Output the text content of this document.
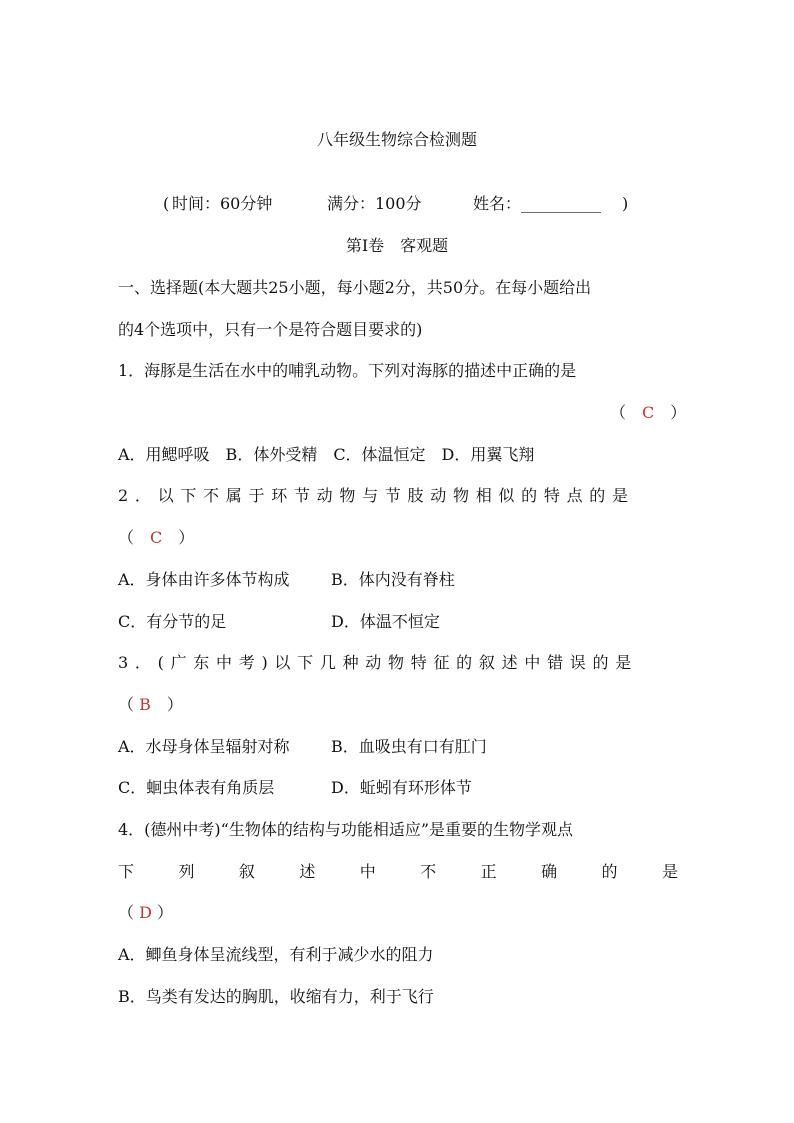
八年级生物综合检测题
( 时间：60分钟	满分：100分	姓名：__________ )
第Ⅰ卷　客观题
一、选择题(本大题共25小题，每小题2分，共50分。在每小题给出
的4个选项中，只有一个是符合题目要求的)
1．海豚是生活在水中的哺乳动物。下列对海豚的描述中正确的是
（　C　）
A．用鳃呼吸　B．体外受精　C．体温恒定　D．用翼飞翔
2．以下不属于环节动物与节肢动物相似的特点的是
（　C　）
A．身体由许多体节构成	B．体内没有脊柱
C．有分节的足	D．体温不恒定
3．(广东中考)以下几种动物特征的叙述中错误的是
（ B　）
A．水母身体呈辐射对称	B．血吸虫有口有肛门
C．蛔虫体表有角质层	D．蚯蚓有环形体节
4．(德州中考)“生物体的结构与功能相适应”是重要的生物学观点
下	列	叙	述	中	不	正	确	的	是
（ D ）
A．鲫鱼身体呈流线型，有利于减少水的阻力
B．鸟类有发达的胸肌，收缩有力，利于飞行
